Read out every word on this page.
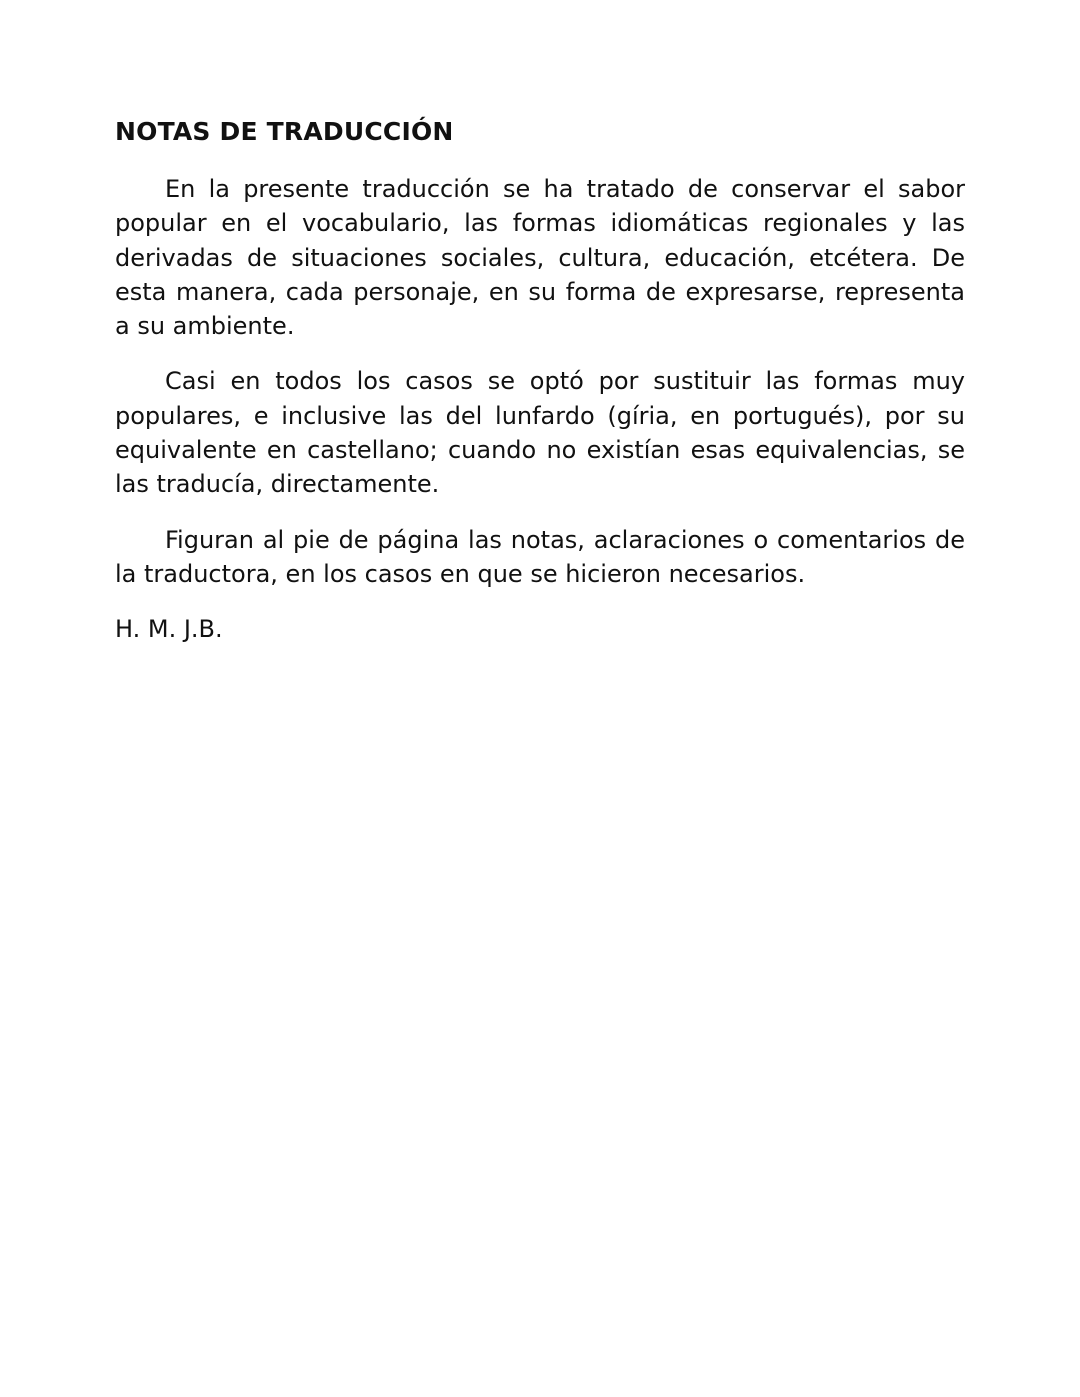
NOTAS DE TRADUCCIÓN

En la presente traducción se ha tratado de conservar el sabor popular en el vocabulario, las formas idiomáticas regionales y las derivadas de situaciones sociales, cultura, educación, etcétera. De esta manera, cada personaje, en su forma de expresarse, representa a su ambiente.

Casi en todos los casos se optó por sustituir las formas muy populares, e inclusive las del lunfardo (gíria, en portugués), por su equivalente en castellano; cuando no existían esas equivalencias, se las traducía, directamente.

Figuran al pie de página las notas, aclaraciones o comentarios de la traductora, en los casos en que se hicieron necesarios.

H. M. J.B.
